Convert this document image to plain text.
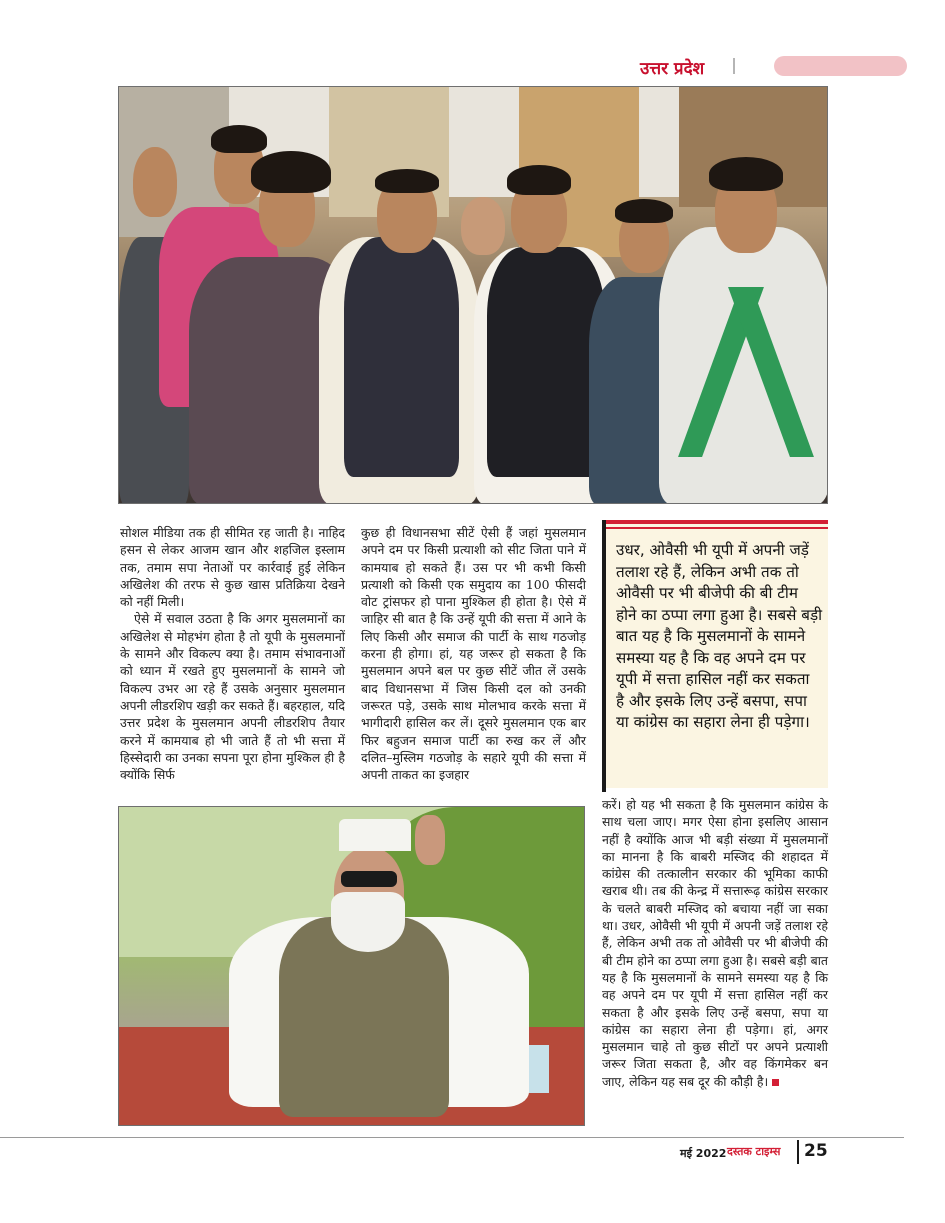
उत्तर प्रदेश

सोशल मीडिया तक ही सीमित रह जाती है। नाहिद हसन से लेकर आजम खान और शहजिल इस्लाम तक, तमाम सपा नेताओं पर कार्रवाई हुई लेकिन अखिलेश की तरफ से कुछ खास प्रतिक्रिया देखने को नहीं मिली।

ऐसे में सवाल उठता है कि अगर मुसलमानों का अखिलेश से मोहभंग होता है तो यूपी के मुसलमानों के सामने और विकल्प क्या है। तमाम संभावनाओं को ध्यान में रखते हुए मुसलमानों के सामने जो विकल्प उभर आ रहे हैं उसके अनुसार मुसलमान अपनी लीडरशिप खड़ी कर सकते हैं। बहरहाल, यदि उत्तर प्रदेश के मुसलमान अपनी लीडरशिप तैयार करने में कामयाब हो भी जाते हैं तो भी सत्ता में हिस्सेदारी का उनका सपना पूरा होना मुश्किल ही है क्योंकि सिर्फ

कुछ ही विधानसभा सीटें ऐसी हैं जहां मुसलमान अपने दम पर किसी प्रत्याशी को सीट जिता पाने में कामयाब हो सकते हैं। उस पर भी कभी किसी प्रत्याशी को किसी एक समुदाय का 100 फीसदी वोट ट्रांसफर हो पाना मुश्किल ही होता है। ऐसे में जाहिर सी बात है कि उन्हें यूपी की सत्ता में आने के लिए किसी और समाज की पार्टी के साथ गठजोड़ करना ही होगा। हां, यह जरूर हो सकता है कि मुसलमान अपने बल पर कुछ सीटें जीत लें उसके बाद विधानसभा में जिस किसी दल को उनकी जरूरत पड़े, उसके साथ मोलभाव करके सत्ता में भागीदारी हासिल कर लें। दूसरे मुसलमान एक बार फिर बहुजन समाज पार्टी का रुख कर लें और दलित–मुस्लिम गठजोड़ के सहारे यूपी की सत्ता में अपनी ताकत का इजहार

उधर, ओवैसी भी यूपी में अपनी जड़ें तलाश रहे हैं, लेकिन अभी तक तो ओवैसी पर भी बीजेपी की बी टीम होने का ठप्पा लगा हुआ है। सबसे बड़ी बात यह है कि मुसलमानों के सामने समस्या यह है कि वह अपने दम पर यूपी में सत्ता हासिल नहीं कर सकता है और इसके लिए उन्हें बसपा, सपा या कांग्रेस का सहारा लेना ही पड़ेगा।

करें। हो यह भी सकता है कि मुसलमान कांग्रेस के साथ चला जाए। मगर ऐसा होना इसलिए आसान नहीं है क्योंकि आज भी बड़ी संख्या में मुसलमानों का मानना है कि बाबरी मस्जिद की शहादत में कांग्रेस की तत्कालीन सरकार की भूमिका काफी खराब थी। तब की केन्द्र में सत्तारूढ़ कांग्रेस सरकार के चलते बाबरी मस्जिद को बचाया नहीं जा सका था। उधर, ओवैसी भी यूपी में अपनी जड़ें तलाश रहे हैं, लेकिन अभी तक तो ओवैसी पर भी बीजेपी की बी टीम होने का ठप्पा लगा हुआ है। सबसे बड़ी बात यह है कि मुसलमानों के सामने समस्या यह है कि वह अपने दम पर यूपी में सत्ता हासिल नहीं कर सकता है और इसके लिए उन्हें बसपा, सपा या कांग्रेस का सहारा लेना ही पड़ेगा। हां, अगर मुसलमान चाहे तो कुछ सीटों पर अपने प्रत्याशी जरूर जिता सकता है, और वह किंगमेकर बन जाए, लेकिन यह सब दूर की कौड़ी है।

मई 2022 दस्तक टाइम्स 25
